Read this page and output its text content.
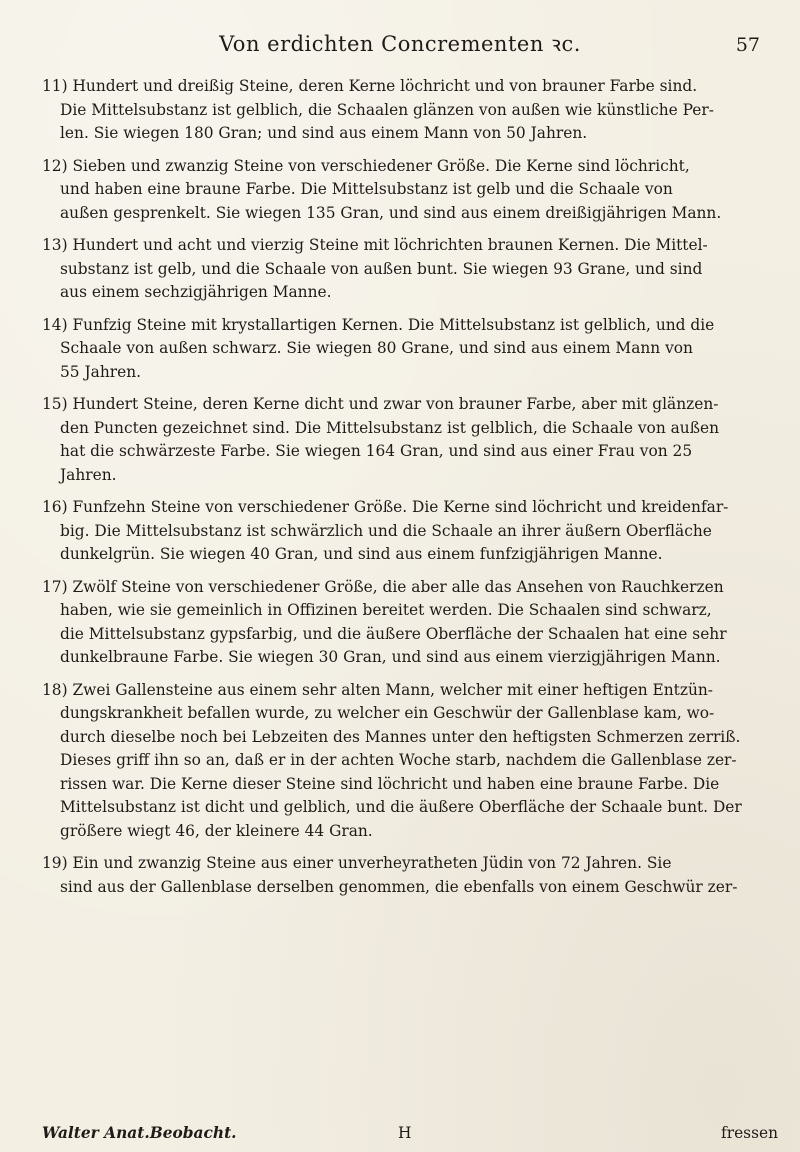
Von erdichten Concrementen ꝛc.	57
11) Hundert und dreißig Steine, deren Kerne löchricht und von brauner Farbe sind.
Die Mittelsubstanz ist gelblich, die Schaalen glänzen von außen wie künstliche Per-
len. Sie wiegen 180 Gran; und sind aus einem Mann von 50 Jahren.
12) Sieben und zwanzig Steine von verschiedener Größe. Die Kerne sind löchricht,
und haben eine braune Farbe. Die Mittelsubstanz ist gelb und die Schaale von
außen gesprenkelt. Sie wiegen 135 Gran, und sind aus einem dreißigjährigen Mann.
13) Hundert und acht und vierzig Steine mit löchrichten braunen Kernen. Die Mittel-
substanz ist gelb, und die Schaale von außen bunt. Sie wiegen 93 Grane, und sind
aus einem sechzigjährigen Manne.
14) Funfzig Steine mit krystallartigen Kernen. Die Mittelsubstanz ist gelblich, und die
Schaale von außen schwarz. Sie wiegen 80 Grane, und sind aus einem Mann von
55 Jahren.
15) Hundert Steine, deren Kerne dicht und zwar von brauner Farbe, aber mit glänzen-
den Puncten gezeichnet sind. Die Mittelsubstanz ist gelblich, die Schaale von außen
hat die schwärzeste Farbe. Sie wiegen 164 Gran, und sind aus einer Frau von 25
Jahren.
16) Funfzehn Steine von verschiedener Größe. Die Kerne sind löchricht und kreidenfar-
big. Die Mittelsubstanz ist schwärzlich und die Schaale an ihrer äußern Oberfläche
dunkelgrün. Sie wiegen 40 Gran, und sind aus einem funfzigjährigen Manne.
17) Zwölf Steine von verschiedener Größe, die aber alle das Ansehen von Rauchkerzen
haben, wie sie gemeinlich in Offizinen bereitet werden. Die Schaalen sind schwarz,
die Mittelsubstanz gypsfarbig, und die äußere Oberfläche der Schaalen hat eine sehr
dunkelbraune Farbe. Sie wiegen 30 Gran, und sind aus einem vierzigjährigen Mann.
18) Zwei Gallensteine aus einem sehr alten Mann, welcher mit einer heftigen Entzün-
dungskrankheit befallen wurde, zu welcher ein Geschwür der Gallenblase kam, wo-
durch dieselbe noch bei Lebzeiten des Mannes unter den heftigsten Schmerzen zerriß.
Dieses griff ihn so an, daß er in der achten Woche starb, nachdem die Gallenblase zer-
rissen war. Die Kerne dieser Steine sind löchricht und haben eine braune Farbe. Die
Mittelsubstanz ist dicht und gelblich, und die äußere Oberfläche der Schaale bunt. Der
größere wiegt 46, der kleinere 44 Gran.
19) Ein und zwanzig Steine aus einer unverheyratheten Jüdin von 72 Jahren. Sie
sind aus der Gallenblase derselben genommen, die ebenfalls von einem Geschwür zer-
Walter Anat.Beobacht.	H	fressen
